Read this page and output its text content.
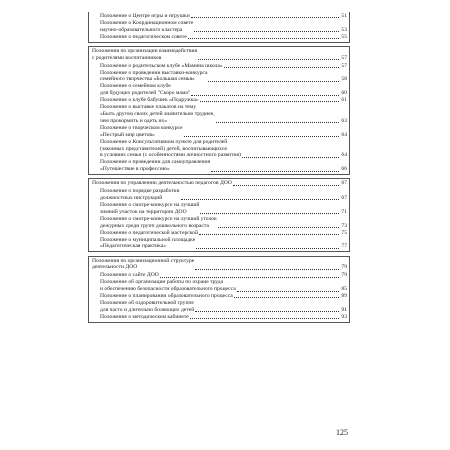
Положение о Центре игры и игрушки	51
Положение о Координационном совете
научно-образовательного кластера	53
Положение о педагогическом совете	55
Положения по организации взаимодействия
с родителями воспитанников	57
Положение о родительском клубе «Мамина школа»	57
Положение о проведении выставки-конкурса
семейного творчества «Большая семья»	58
Положение о семейном клубе
для будущих родителей "Скоро мама"	60
Положение о клубе бабушек «Подружка»	61
Положение о выставке плакатов на тему
«Быть другом своих детей значительно труднее,
чем прокормить и одеть их»	63
Положение о творческом конкурсе
«Пестрый мир цветов»	64
Положение о Консультативном пункте для родителей
(законных представителей) детей, воспитывающихся
в условиях семьи (с особенностями личностного развития)	64
Положение о проведении для самоуправления
«Путешествие в профессию»	66
Положения по управлению деятельностью педагогов ДОО	67
Положение о порядке разработки
должностных инструкций	67
Положение о смотре-конкурсе на лучший
зимний участок на территории ДОО	71
Положение о смотре-конкурсе на лучший уголок
дежурных среди групп дошкольного возраста	73
Положение о педагогической мастерской	75
Положение о муниципальной площадке
«Педагогическая практика»	77
Положения по организационной структуре
деятельности ДОО	79
Положение о сайте ДОО	79
Положение об организации работы по охране труда
и обеспечению безопасности образовательного процесса	85
Положение о планировании образовательного процесса	89
Положение об оздоровительной группе
для часто и длительно болеющих детей	91
Положение о методическом кабинете	93
125
